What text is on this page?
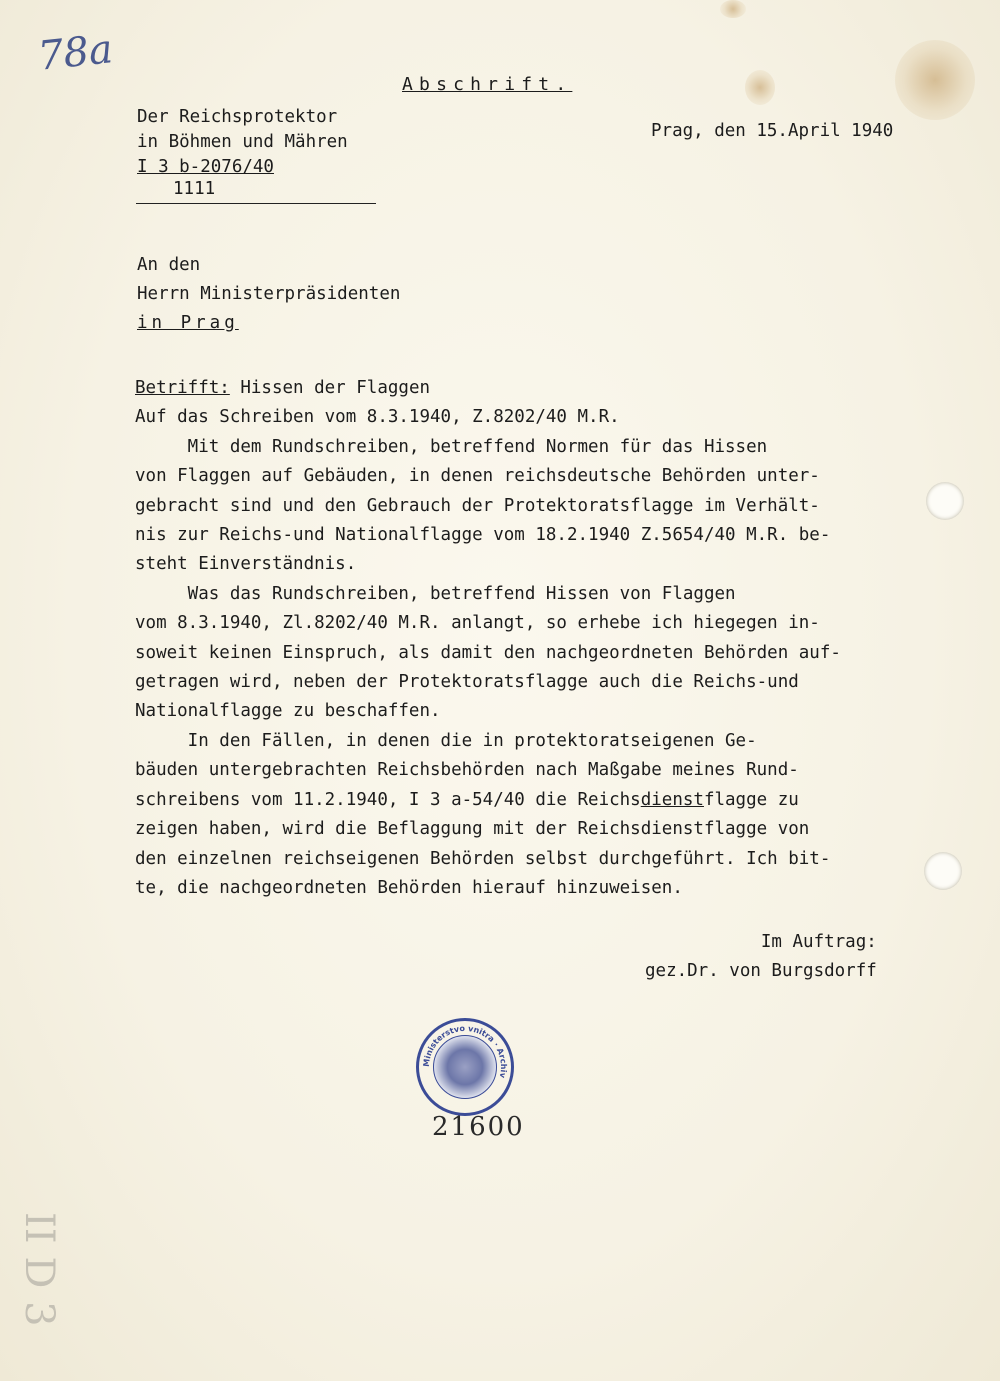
78a
Abschrift.
Der Reichsprotektor
in Böhmen und Mähren
I 3 b-2076/40
1111
Prag, den 15.April 1940
An den
Herrn Ministerpräsidenten
in Prag
Betrifft: Hissen der Flaggen
Auf das Schreiben vom 8.3.1940, Z.8202/40 M.R.
Mit dem Rundschreiben, betreffend Normen für das Hissen
von Flaggen auf Gebäuden, in denen reichsdeutsche Behörden unter-
gebracht sind und den Gebrauch der Protektoratsflagge im Verhält-
nis zur Reichs-und Nationalflagge vom 18.2.1940 Z.5654/40 M.R. be-
steht Einverständnis.
Was das Rundschreiben, betreffend Hissen von Flaggen
vom 8.3.1940, Zl.8202/40 M.R. anlangt, so erhebe ich hiegegen in-
soweit keinen Einspruch, als damit den nachgeordneten Behörden auf-
getragen wird, neben der Protektoratsflagge auch die Reichs-und
Nationalflagge zu beschaffen.
In den Fällen, in denen die in protektoratseigenen Ge-
bäuden untergebrachten Reichsbehörden nach Maßgabe meines Rund-
schreibens vom 11.2.1940, I 3 a-54/40 die Reichsdienstflagge zu
zeigen haben, wird die Beflaggung mit der Reichsdienstflagge von
den einzelnen reichseigenen Behörden selbst durchgeführt. Ich bit-
te, die nachgeordneten Behörden hierauf hinzuweisen.
Im Auftrag:
gez.Dr. von Burgsdorff
Ministerstvo vnitra · Archiv
21600
II D 3
